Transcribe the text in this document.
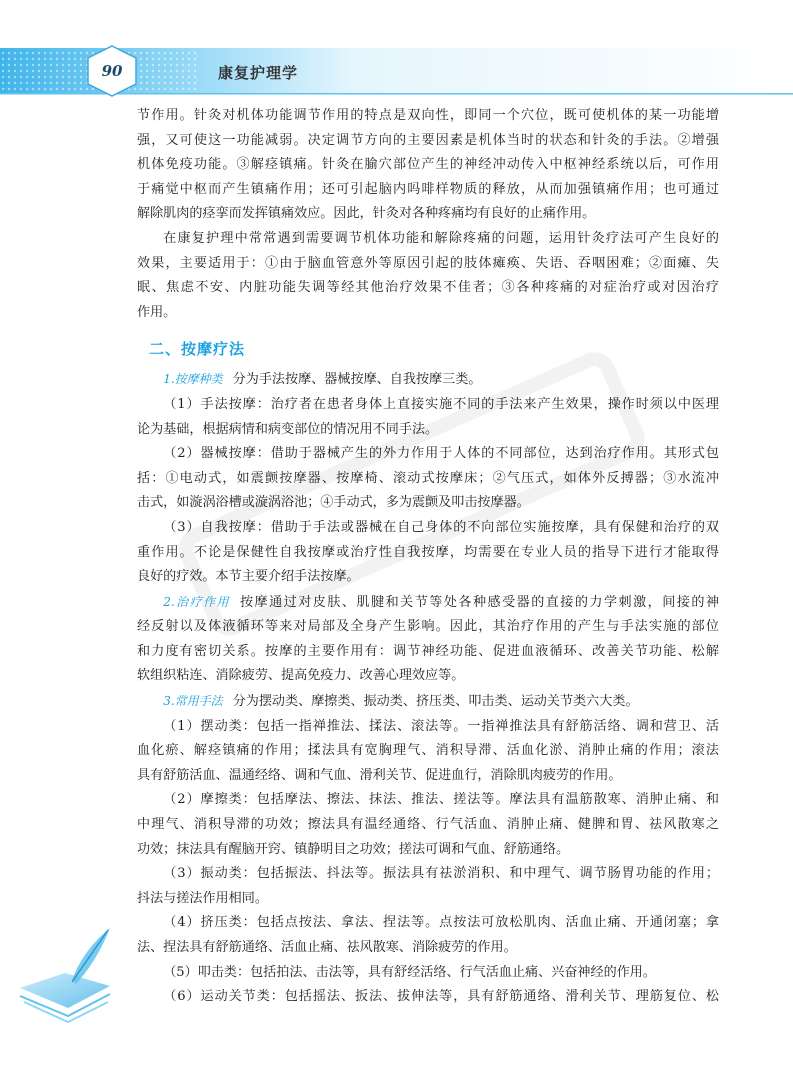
90	康复护理学

节作用。针灸对机体功能调节作用的特点是双向性，即同一个穴位，既可使机体的某一功能增

强，又可使这一功能减弱。决定调节方向的主要因素是机体当时的状态和针灸的手法。②增强

机体免疫功能。③解痉镇痛。针灸在腧穴部位产生的神经冲动传入中枢神经系统以后，可作用

于痛觉中枢而产生镇痛作用；还可引起脑内吗啡样物质的释放，从而加强镇痛作用；也可通过

解除肌肉的痉挛而发挥镇痛效应。因此，针灸对各种疼痛均有良好的止痛作用。

在康复护理中常常遇到需要调节机体功能和解除疼痛的问题，运用针灸疗法可产生良好的

效果，主要适用于：①由于脑血管意外等原因引起的肢体瘫痪、失语、吞咽困难；②面瘫、失

眠、焦虑不安、内脏功能失调等经其他治疗效果不佳者；③各种疼痛的对症治疗或对因治疗

作用。

二、按摩疗法

1.按摩种类 分为手法按摩、器械按摩、自我按摩三类。

（1）手法按摩：治疗者在患者身体上直接实施不同的手法来产生效果，操作时须以中医理

论为基础，根据病情和病变部位的情况用不同手法。

（2）器械按摩：借助于器械产生的外力作用于人体的不同部位，达到治疗作用。其形式包

括：①电动式，如震颤按摩器、按摩椅、滚动式按摩床；②气压式，如体外反搏器；③水流冲

击式，如漩涡浴槽或漩涡浴池；④手动式，多为震颤及叩击按摩器。

（3）自我按摩：借助于手法或器械在自己身体的不向部位实施按摩，具有保健和治疗的双

重作用。不论是保健性自我按摩或治疗性自我按摩，均需要在专业人员的指导下进行才能取得

良好的疗效。本节主要介绍手法按摩。

2.治疗作用 按摩通过对皮肤、肌腱和关节等处各种感受器的直接的力学刺激，间接的神

经反射以及体液循环等来对局部及全身产生影响。因此，其治疗作用的产生与手法实施的部位

和力度有密切关系。按摩的主要作用有：调节神经功能、促进血液循环、改善关节功能、松解

软组织粘连、消除疲劳、提高免疫力、改善心理效应等。

3.常用手法 分为摆动类、摩擦类、振动类、挤压类、叩击类、运动关节类六大类。

（1）摆动类：包括一指禅推法、揉法、滚法等。一指禅推法具有舒筋活络、调和营卫、活

血化瘀、解痉镇痛的作用；揉法具有宽胸理气、消积导滞、活血化淤、消肿止痛的作用；滚法

具有舒筋活血、温通经络、调和气血、滑利关节、促进血行，消除肌肉疲劳的作用。

（2）摩擦类：包括摩法、擦法、抹法、推法、搓法等。摩法具有温筋散寒、消肿止痛、和

中理气、消积导滞的功效；擦法具有温经通络、行气活血、消肿止痛、健脾和胃、祛风散寒之

功效；抹法具有醒脑开窍、镇静明目之功效；搓法可调和气血、舒筋通络。

（3）振动类：包括振法、抖法等。振法具有祛淤消积、和中理气、调节肠胃功能的作用；

抖法与搓法作用相同。

（4）挤压类：包括点按法、拿法、捏法等。点按法可放松肌肉、活血止痛、开通闭塞；拿

法、捏法具有舒筋通络、活血止痛、祛风散寒、消除疲劳的作用。

（5）叩击类：包括拍法、击法等，具有舒经活络、行气活血止痛、兴奋神经的作用。

（6）运动关节类：包括摇法、扳法、拔伸法等，具有舒筋通络、滑利关节、理筋复位、松
